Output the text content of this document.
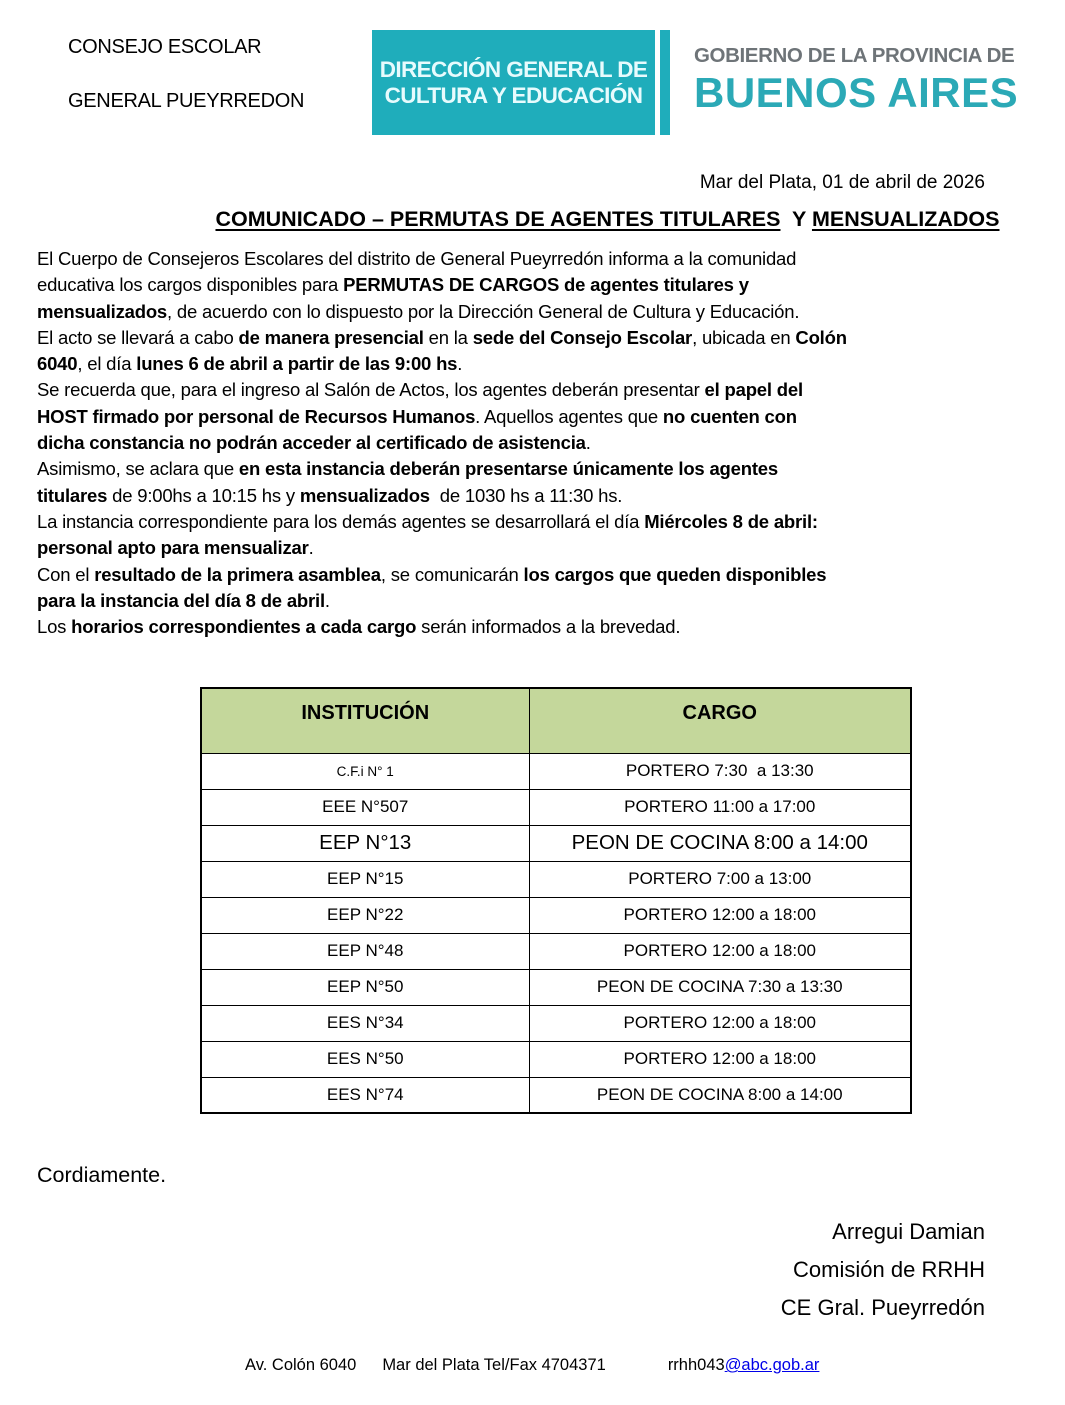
CONSEJO ESCOLAR
GENERAL PUEYRREDON
DIRECCIÓN GENERAL DE
CULTURA Y EDUCACIÓN
GOBIERNO DE LA PROVINCIA DE
BUENOS AIRES
Mar del Plata, 01 de abril de 2026
COMUNICADO – PERMUTAS DE AGENTES TITULARES  Y MENSUALIZADOS
El Cuerpo de Consejeros Escolares del distrito de General Pueyrredón informa a la comunidad
educativa los cargos disponibles para PERMUTAS DE CARGOS de agentes titulares y
mensualizados, de acuerdo con lo dispuesto por la Dirección General de Cultura y Educación.
El acto se llevará a cabo de manera presencial en la sede del Consejo Escolar, ubicada en Colón
6040, el día lunes 6 de abril a partir de las 9:00 hs.
Se recuerda que, para el ingreso al Salón de Actos, los agentes deberán presentar el papel del
HOST firmado por personal de Recursos Humanos. Aquellos agentes que no cuenten con
dicha constancia no podrán acceder al certificado de asistencia.
Asimismo, se aclara que en esta instancia deberán presentarse únicamente los agentes
titulares de 9:00hs a 10:15 hs y mensualizados  de 1030 hs a 11:30 hs.
La instancia correspondiente para los demás agentes se desarrollará el día Miércoles 8 de abril:
personal apto para mensualizar.
Con el resultado de la primera asamblea, se comunicarán los cargos que queden disponibles
para la instancia del día 8 de abril.
Los horarios correspondientes a cada cargo serán informados a la brevedad.
INSTITUCIÓN	CARGO
C.F.i N° 1	PORTERO 7:30  a 13:30
EEE N°507	PORTERO 11:00 a 17:00
EEP N°13	PEON DE COCINA 8:00 a 14:00
EEP N°15	PORTERO 7:00 a 13:00
EEP N°22	PORTERO 12:00 a 18:00
EEP N°48	PORTERO 12:00 a 18:00
EEP N°50	PEON DE COCINA 7:30 a 13:30
EES N°34	PORTERO 12:00 a 18:00
EES N°50	PORTERO 12:00 a 18:00
EES N°74	PEON DE COCINA 8:00 a 14:00
Cordiamente.
Arregui Damian
Comisión de RRHH
CE Gral. Pueyrredón
Av. Colón 6040 Mar del Plata Tel/Fax 4704371	rrhh043@abc.gob.ar
